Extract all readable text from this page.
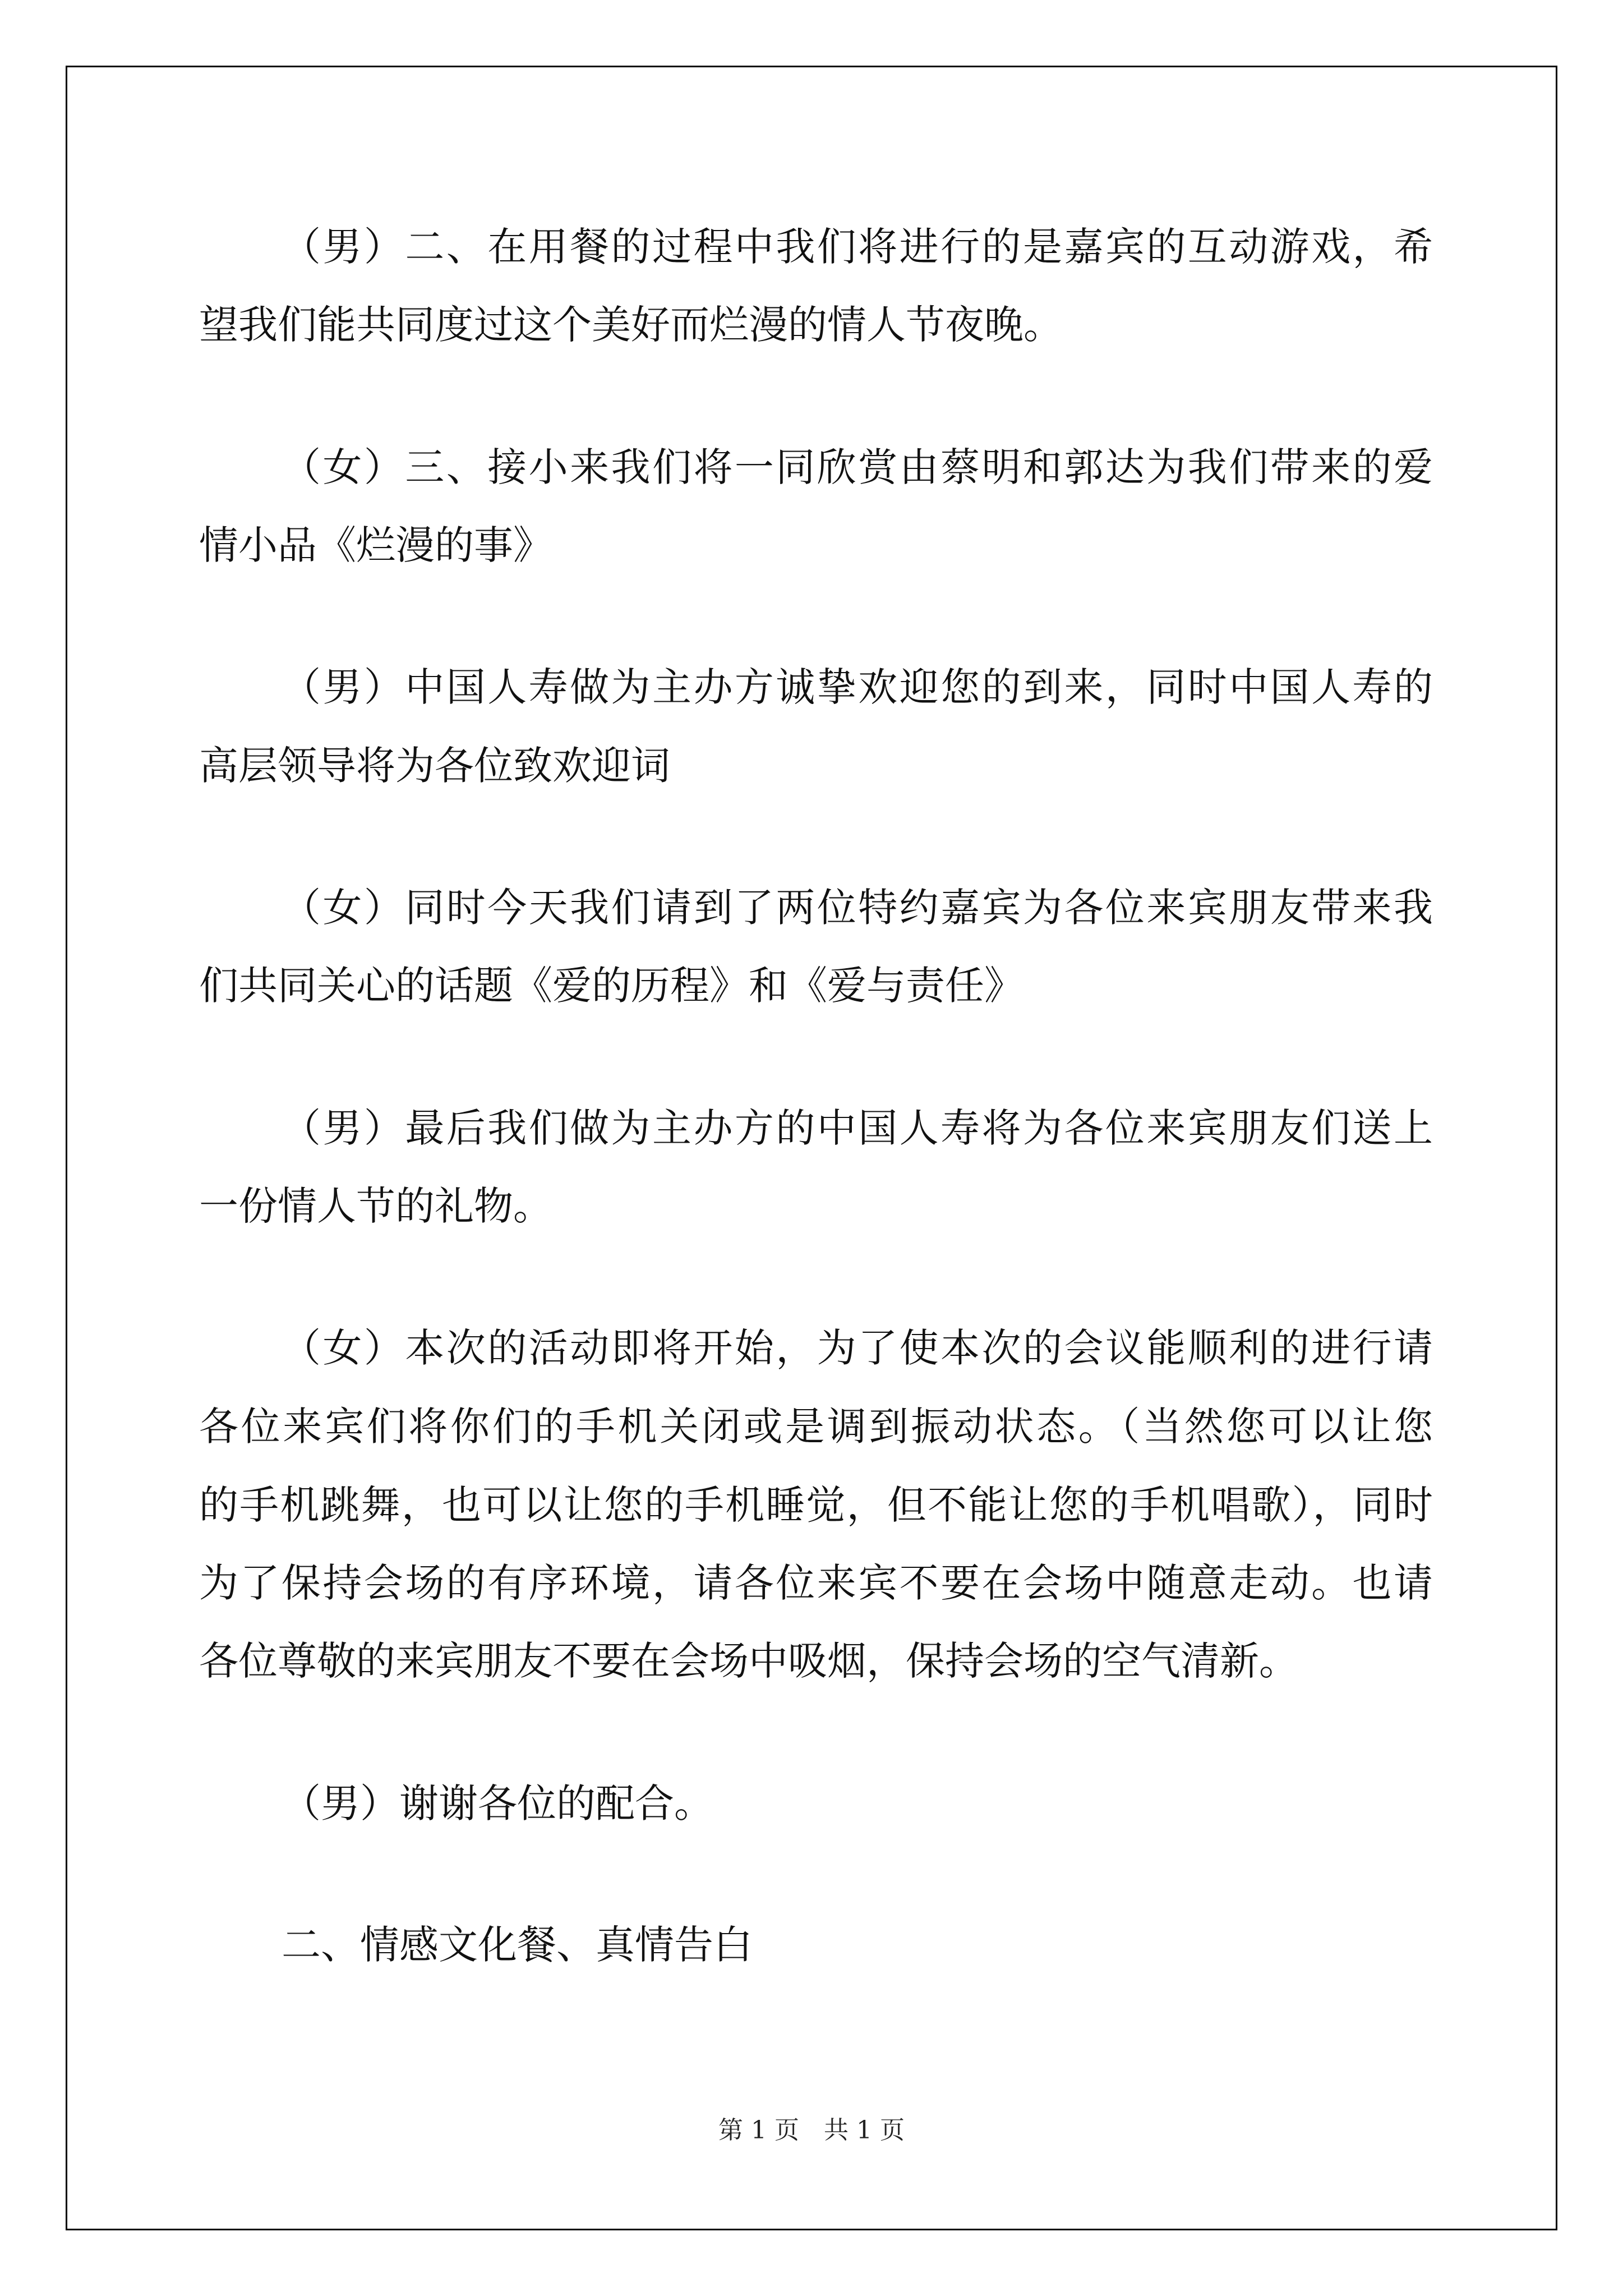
（男）二、在用餐的过程中我们将进行的是嘉宾的互动游戏，希
望我们能共同度过这个美好而烂漫的情人节夜晚。
（女）三、接小来我们将一同欣赏由蔡明和郭达为我们带来的爱
情小品《烂漫的事》
（男）中国人寿做为主办方诚挚欢迎您的到来，同时中国人寿的
高层领导将为各位致欢迎词
（女）同时今天我们请到了两位特约嘉宾为各位来宾朋友带来我
们共同关心的话题《爱的历程》和《爱与责任》
（男）最后我们做为主办方的中国人寿将为各位来宾朋友们送上
一份情人节的礼物。
（女）本次的活动即将开始，为了使本次的会议能顺利的进行请
各位来宾们将你们的手机关闭或是调到振动状态。（当然您可以让您
的手机跳舞，也可以让您的手机睡觉，但不能让您的手机唱歌），同时
为了保持会场的有序环境，请各位来宾不要在会场中随意走动。也请
各位尊敬的来宾朋友不要在会场中吸烟，保持会场的空气清新。
（男）谢谢各位的配合。
二、情感文化餐、真情告白
第 1 页　共 1 页
